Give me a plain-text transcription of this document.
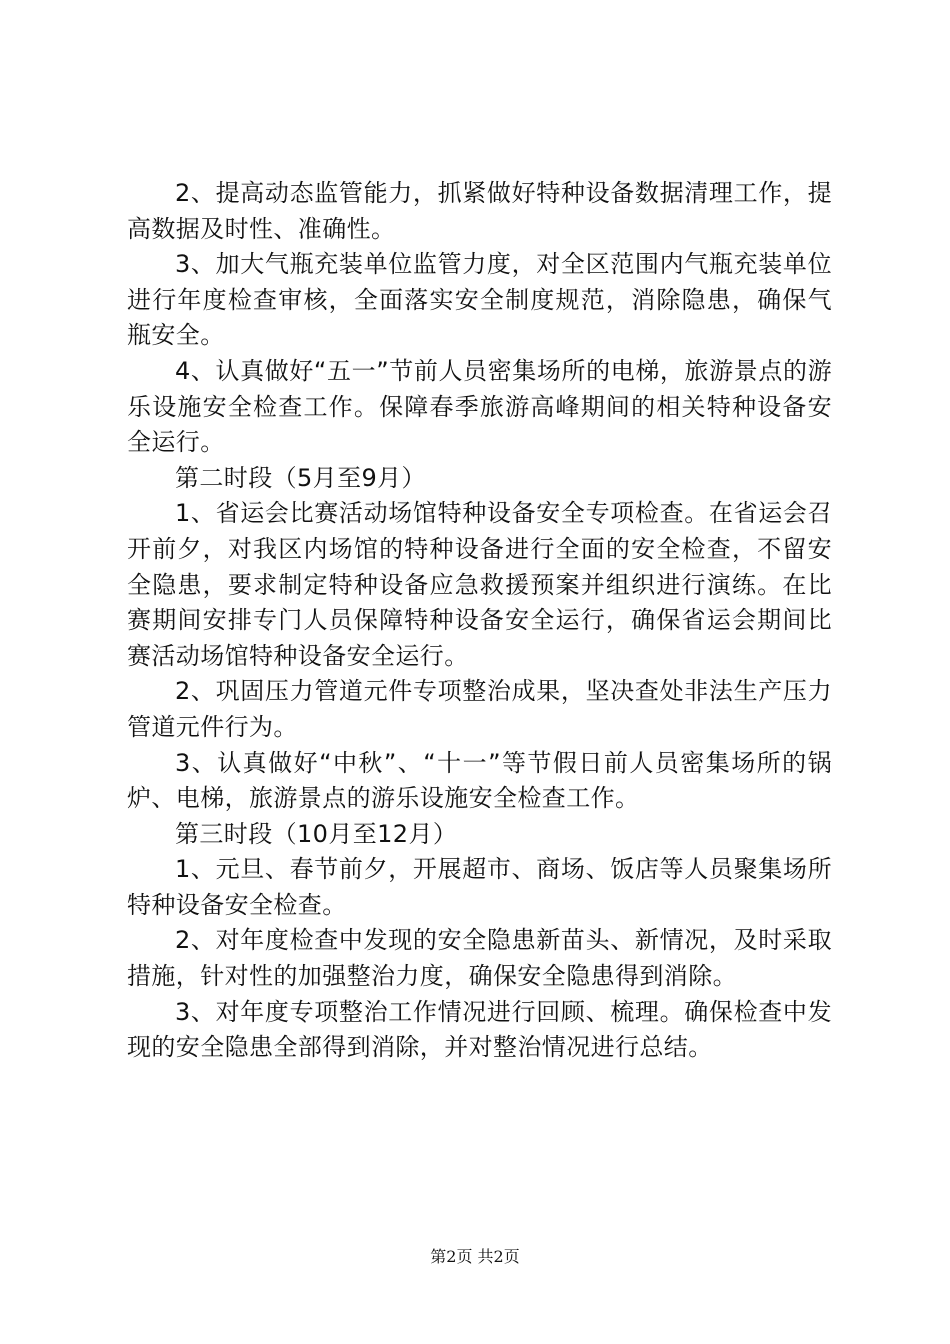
2、提高动态监管能力，抓紧做好特种设备数据清理工作，提高数据及时性、准确性。

3、加大气瓶充装单位监管力度，对全区范围内气瓶充装单位进行年度检查审核，全面落实安全制度规范，消除隐患，确保气瓶安全。

4、认真做好“五一”节前人员密集场所的电梯，旅游景点的游乐设施安全检查工作。保障春季旅游高峰期间的相关特种设备安全运行。

第二时段（5月至9月）

1、省运会比赛活动场馆特种设备安全专项检查。在省运会召开前夕，对我区内场馆的特种设备进行全面的安全检查，不留安全隐患，要求制定特种设备应急救援预案并组织进行演练。在比赛期间安排专门人员保障特种设备安全运行，确保省运会期间比赛活动场馆特种设备安全运行。

2、巩固压力管道元件专项整治成果，坚决查处非法生产压力管道元件行为。

3、认真做好“中秋”、“十一”等节假日前人员密集场所的锅炉、电梯，旅游景点的游乐设施安全检查工作。

第三时段（10月至12月）

1、元旦、春节前夕，开展超市、商场、饭店等人员聚集场所特种设备安全检查。

2、对年度检查中发现的安全隐患新苗头、新情况，及时采取措施，针对性的加强整治力度，确保安全隐患得到消除。

3、对年度专项整治工作情况进行回顾、梳理。确保检查中发现的安全隐患全部得到消除，并对整治情况进行总结。

第2页 共2页
